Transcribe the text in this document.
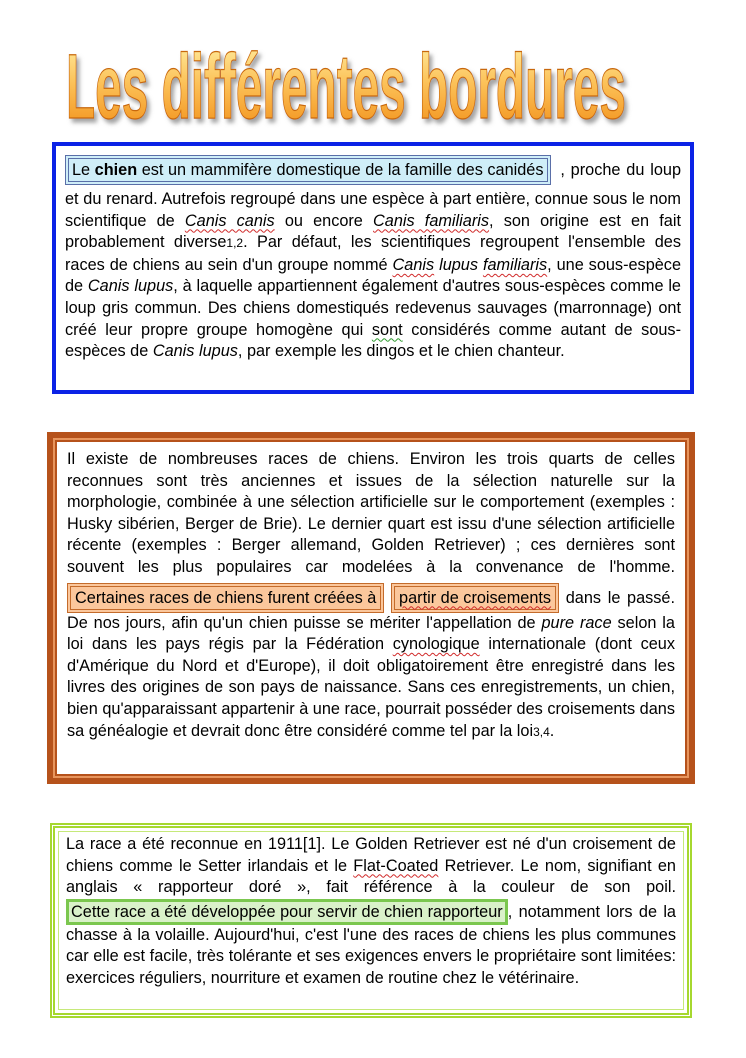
Les différentes bordures

Le chien est un mammifère domestique de la famille des canidés , proche du loup et du renard. Autrefois regroupé dans une espèce à part entière, connue sous le nom scientifique de Canis canis ou encore Canis familiaris, son origine est en fait probablement diverse1,2. Par défaut, les scientifiques regroupent l'ensemble des races de chiens au sein d'un groupe nommé Canis lupus familiaris, une sous-espèce de Canis lupus, à laquelle appartiennent également d'autres sous-espèces comme le loup gris commun. Des chiens domestiqués redevenus sauvages (marronnage) ont créé leur propre groupe homogène qui sont considérés comme autant de sous-espèces de Canis lupus, par exemple les dingos et le chien chanteur.

Il existe de nombreuses races de chiens. Environ les trois quarts de celles reconnues sont très anciennes et issues de la sélection naturelle sur la morphologie, combinée à une sélection artificielle sur le comportement (exemples : Husky sibérien, Berger de Brie). Le dernier quart est issu d'une sélection artificielle récente (exemples : Berger allemand, Golden Retriever) ; ces dernières sont souvent les plus populaires car modelées à la convenance de l'homme. Certaines races de chiens furent créées à partir de croisements dans le passé. De nos jours, afin qu'un chien puisse se mériter l'appellation de pure race selon la loi dans les pays régis par la Fédération cynologique internationale (dont ceux d'Amérique du Nord et d'Europe), il doit obligatoirement être enregistré dans les livres des origines de son pays de naissance. Sans ces enregistrements, un chien, bien qu'apparaissant appartenir à une race, pourrait posséder des croisements dans sa généalogie et devrait donc être considéré comme tel par la loi3,4.

La race a été reconnue en 1911[1]. Le Golden Retriever est né d'un croisement de chiens comme le Setter irlandais et le Flat-Coated Retriever. Le nom, signifiant en anglais « rapporteur doré », fait référence à la couleur de son poil. Cette race a été développée pour servir de chien rapporteur , notamment lors de la chasse à la volaille. Aujourd'hui, c'est l'une des races de chiens les plus communes car elle est facile, très tolérante et ses exigences envers le propriétaire sont limitées: exercices réguliers, nourriture et examen de routine chez le vétérinaire.
